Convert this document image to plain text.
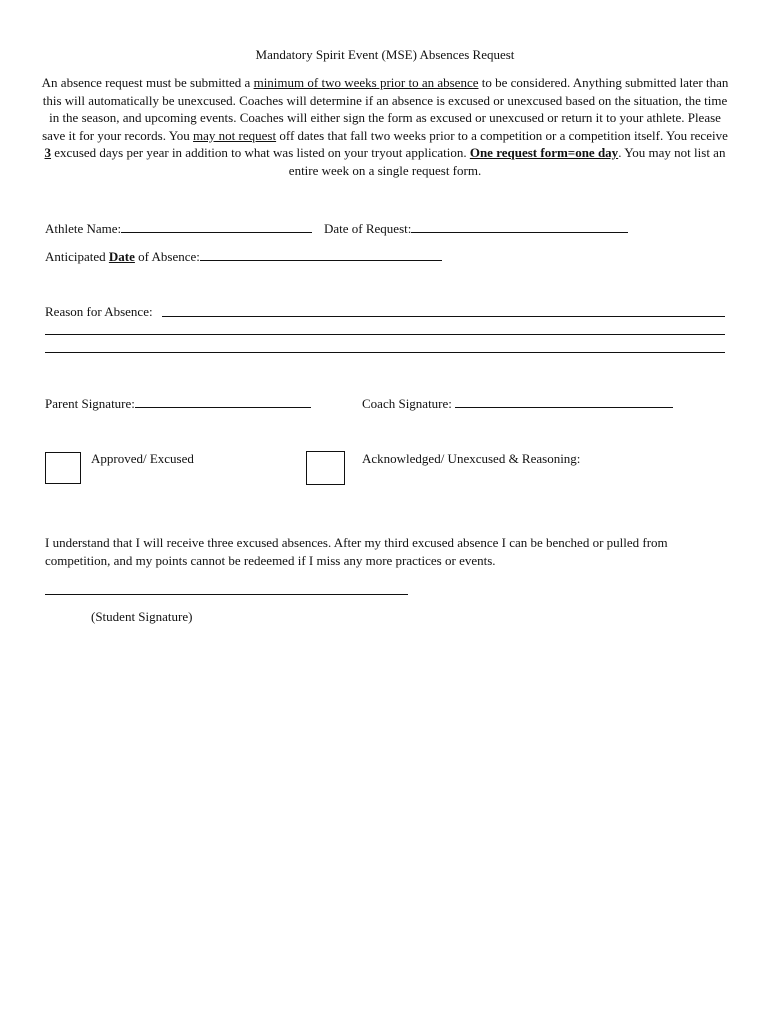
Mandatory Spirit Event (MSE) Absences Request
An absence request must be submitted a minimum of two weeks prior to an absence to be considered. Anything submitted later than this will automatically be unexcused. Coaches will determine if an absence is excused or unexcused based on the situation, the time in the season, and upcoming events. Coaches will either sign the form as excused or unexcused or return it to your athlete. Please save it for your records. You may not request off dates that fall two weeks prior to a competition or a competition itself. You receive 3 excused days per year in addition to what was listed on your tryout application. One request form=one day. You may not list an entire week on a single request form.
Athlete Name:	Date of Request:
Anticipated Date of Absence:
Reason for Absence:
Parent Signature:	Coach Signature:
Approved/ Excused	Acknowledged/ Unexcused & Reasoning:
I understand that I will receive three excused absences. After my third excused absence I can be benched or pulled from competition, and my points cannot be redeemed if I miss any more practices or events.
(Student Signature)
